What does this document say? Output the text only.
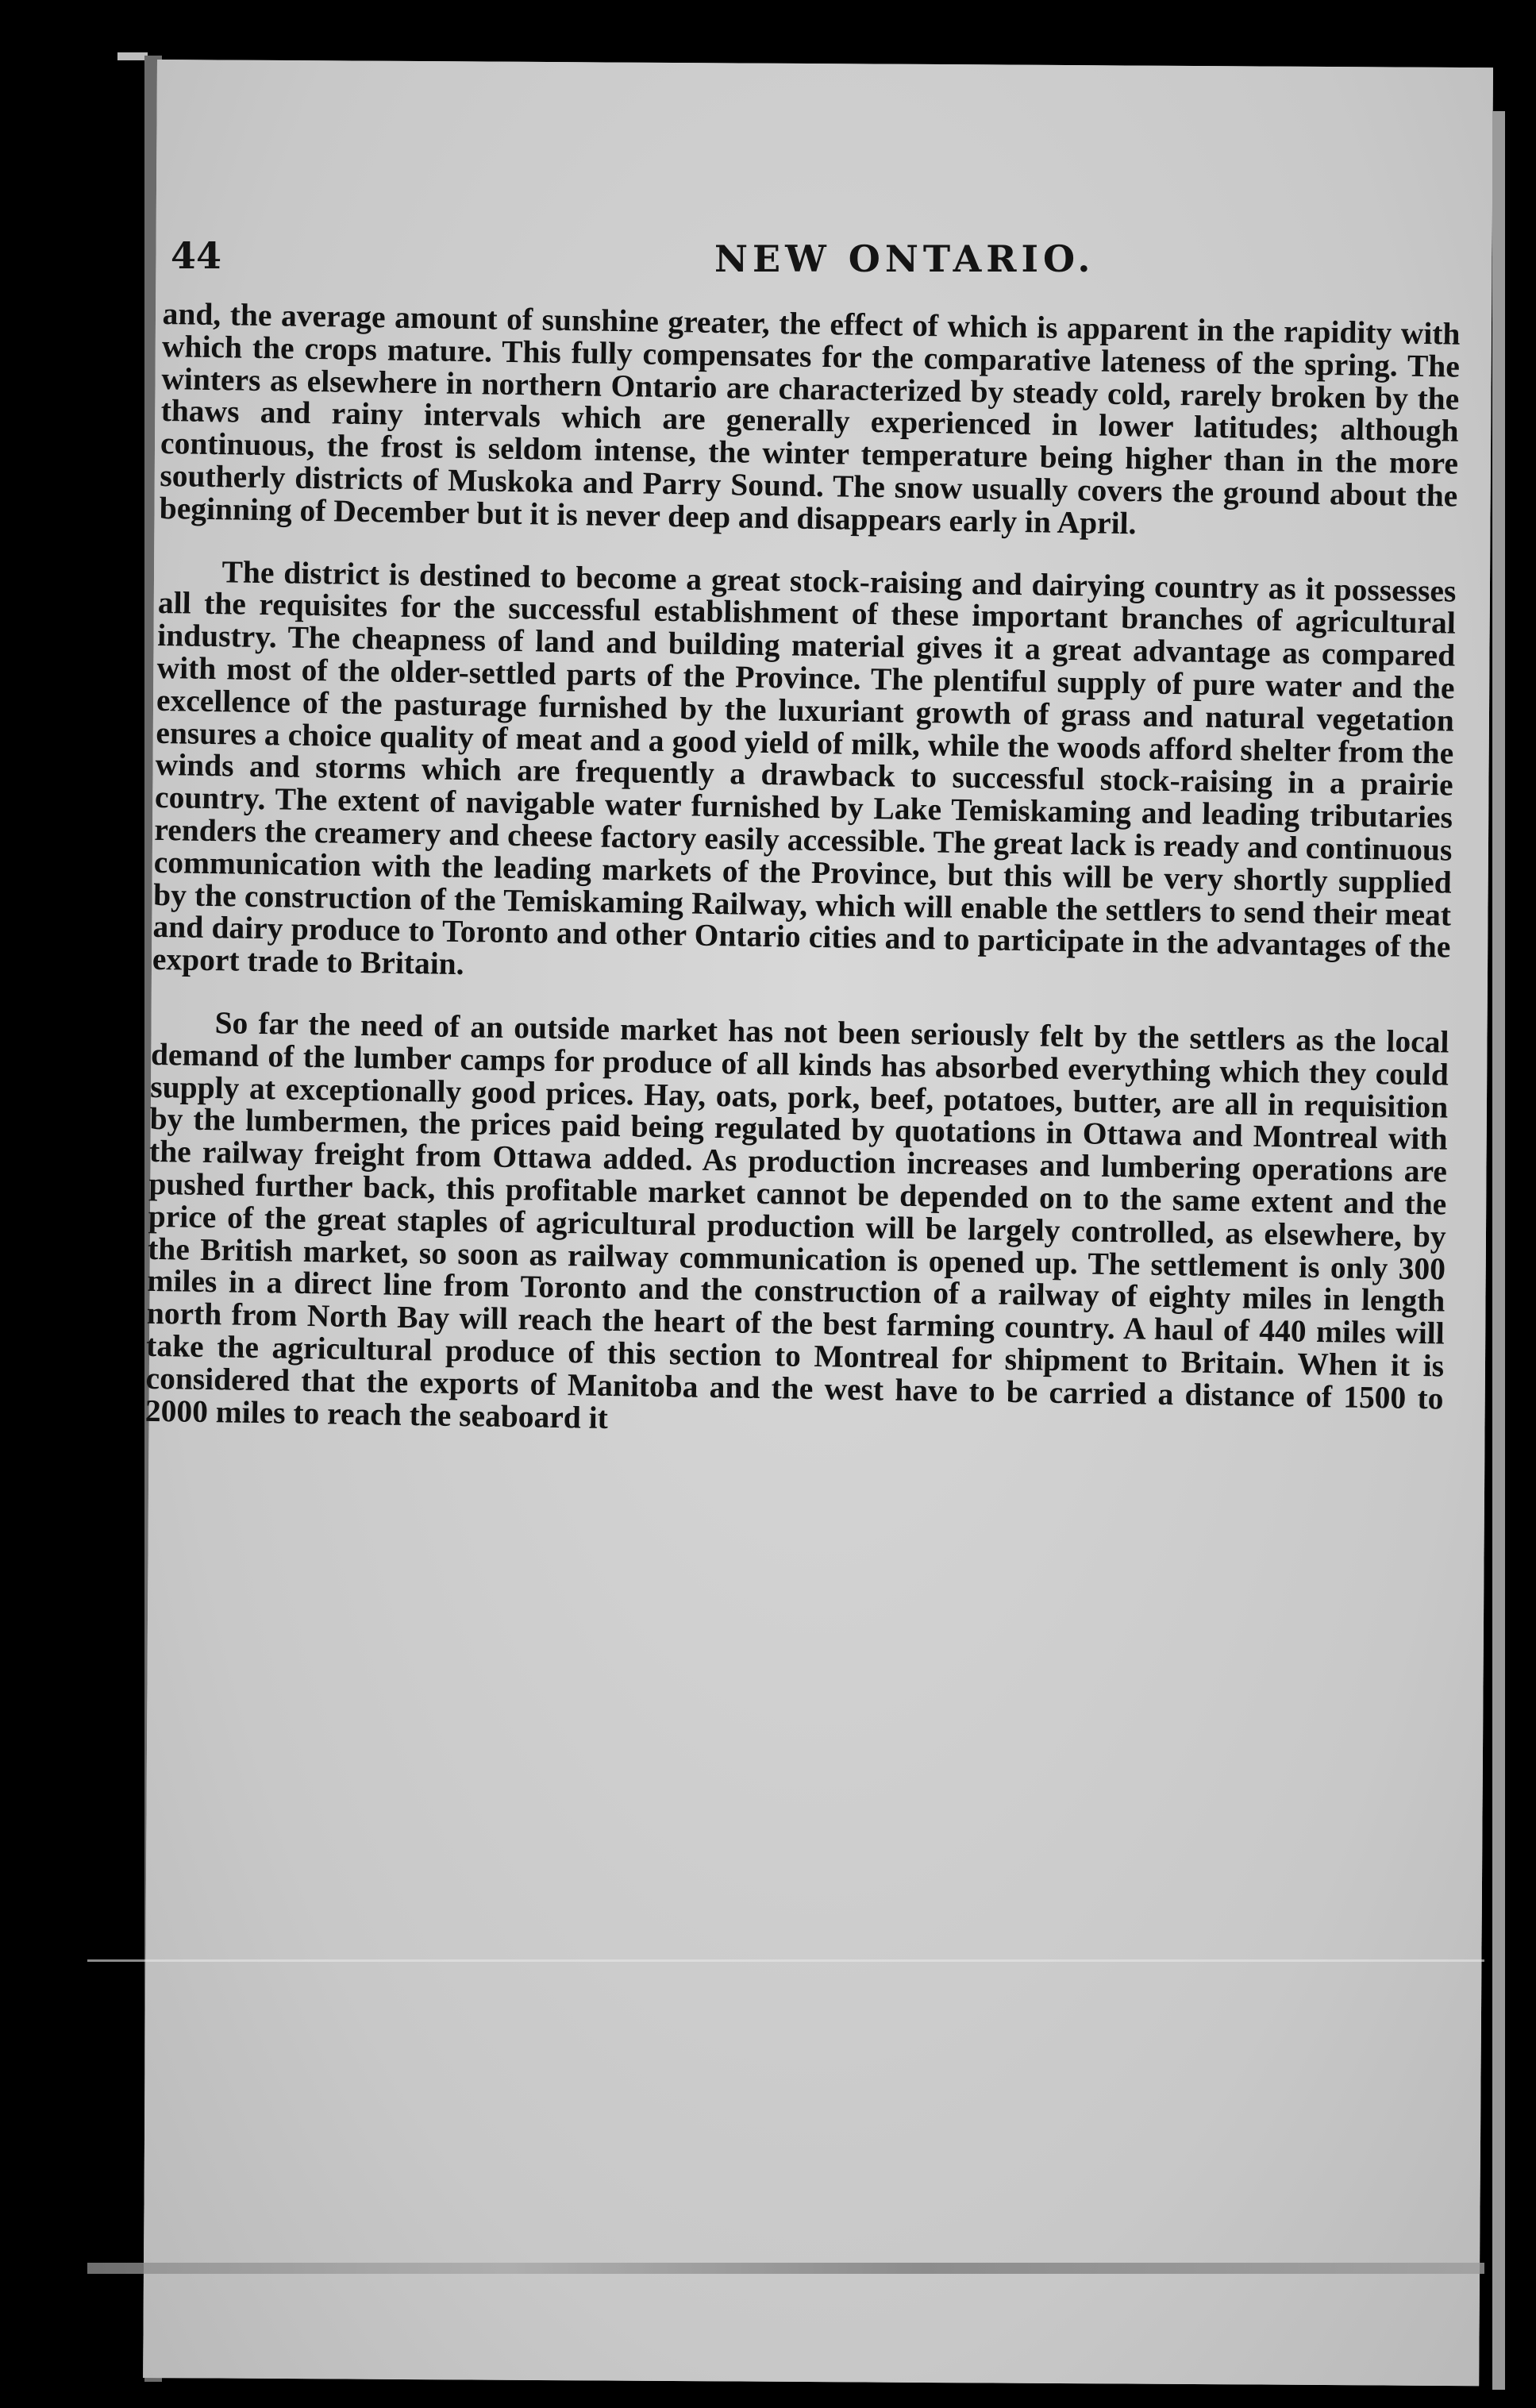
44	NEW ONTARIO.

and, the average amount of sunshine greater, the effect of which is apparent in the rapidity with which the crops mature. This fully compensates for the comparative lateness of the spring. The winters as elsewhere in northern Ontario are characterized by steady cold, rarely broken by the thaws and rainy intervals which are generally experienced in lower latitudes; although continuous, the frost is seldom intense, the winter temperature being higher than in the more southerly districts of Muskoka and Parry Sound. The snow usually covers the ground about the beginning of December but it is never deep and disappears early in April.

The district is destined to become a great stock-raising and dairying country as it possesses all the requisites for the successful establishment of these important branches of agricultural industry. The cheapness of land and building material gives it a great advantage as compared with most of the older-settled parts of the Province. The plentiful supply of pure water and the excellence of the pasturage furnished by the luxuriant growth of grass and natural vegetation ensures a choice quality of meat and a good yield of milk, while the woods afford shelter from the winds and storms which are frequently a drawback to successful stock-raising in a prairie country. The extent of navigable water furnished by Lake Temiskaming and leading tributaries renders the creamery and cheese factory easily accessible. The great lack is ready and continuous communication with the leading markets of the Province, but this will be very shortly supplied by the construction of the Temiskaming Railway, which will enable the settlers to send their meat and dairy produce to Toronto and other Ontario cities and to participate in the advantages of the export trade to Britain.

So far the need of an outside market has not been seriously felt by the settlers as the local demand of the lumber camps for produce of all kinds has absorbed everything which they could supply at exceptionally good prices. Hay, oats, pork, beef, potatoes, butter, are all in requisition by the lumbermen, the prices paid being regulated by quotations in Ottawa and Montreal with the railway freight from Ottawa added. As production increases and lumbering operations are pushed further back, this profitable market cannot be depended on to the same extent and the price of the great staples of agricultural production will be largely controlled, as elsewhere, by the British market, so soon as railway communication is opened up. The settlement is only 300 miles in a direct line from Toronto and the construction of a railway of eighty miles in length north from North Bay will reach the heart of the best farming country. A haul of 440 miles will take the agricultural produce of this section to Montreal for shipment to Britain. When it is considered that the exports of Manitoba and the west have to be carried a distance of 1500 to 2000 miles to reach the seaboard it
